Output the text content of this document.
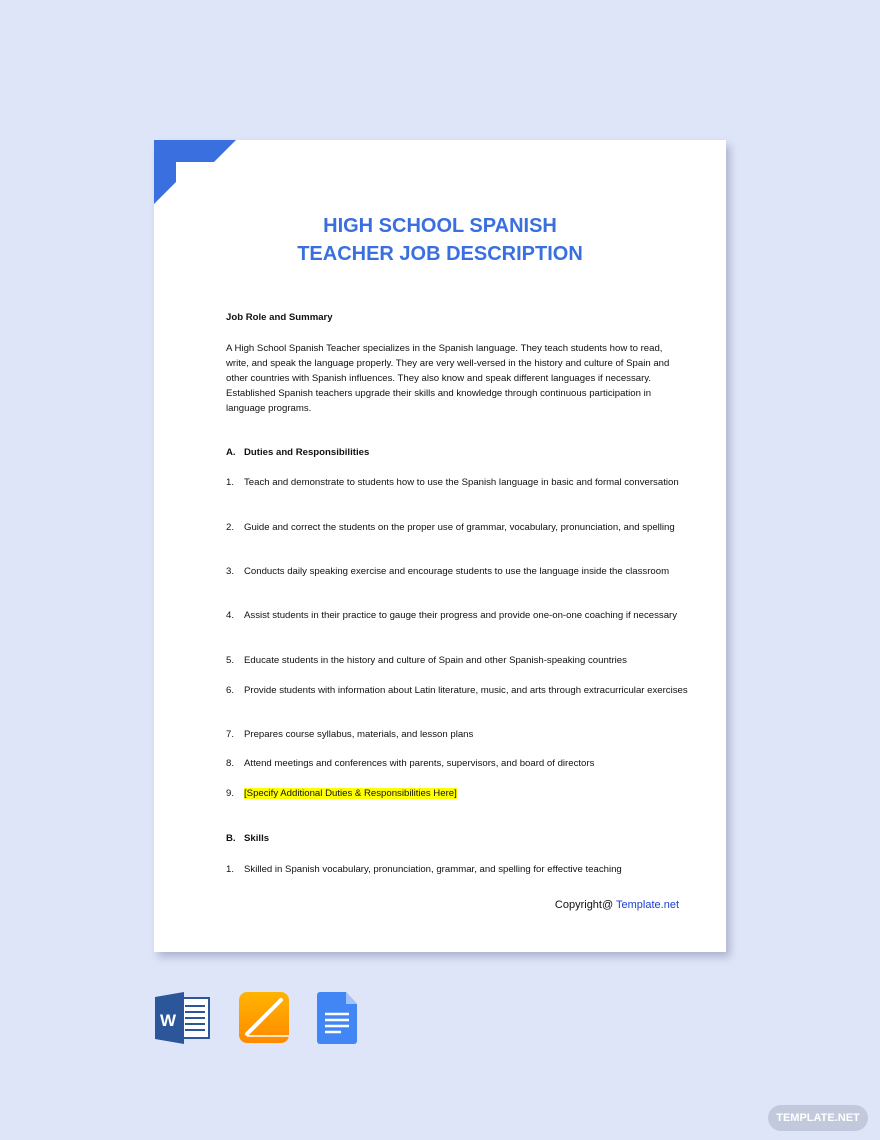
HIGH SCHOOL SPANISH
TEACHER JOB DESCRIPTION
Job Role and Summary
A High School Spanish Teacher specializes in the Spanish language. They teach students how to read, write, and speak the language properly. They are very well-versed in the history and culture of Spain and other countries with Spanish influences. They also know and speak different languages if necessary. Established Spanish teachers upgrade their skills and knowledge through continuous participation in language programs.
A. Duties and Responsibilities
1. Teach and demonstrate to students how to use the Spanish language in basic and formal conversation
2. Guide and correct the students on the proper use of grammar, vocabulary, pronunciation, and spelling
3. Conducts daily speaking exercise and encourage students to use the language inside the classroom
4. Assist students in their practice to gauge their progress and provide one-on-one coaching if necessary
5. Educate students in the history and culture of Spain and other Spanish-speaking countries
6. Provide students with information about Latin literature, music, and arts through extracurricular exercises
7. Prepares course syllabus, materials, and lesson plans
8. Attend meetings and conferences with parents, supervisors, and board of directors
9. [Specify Additional Duties & Responsibilities Here]
B. Skills
1. Skilled in Spanish vocabulary, pronunciation, grammar, and spelling for effective teaching
Copyright@ Template.net
W
TEMPLATE.NET
